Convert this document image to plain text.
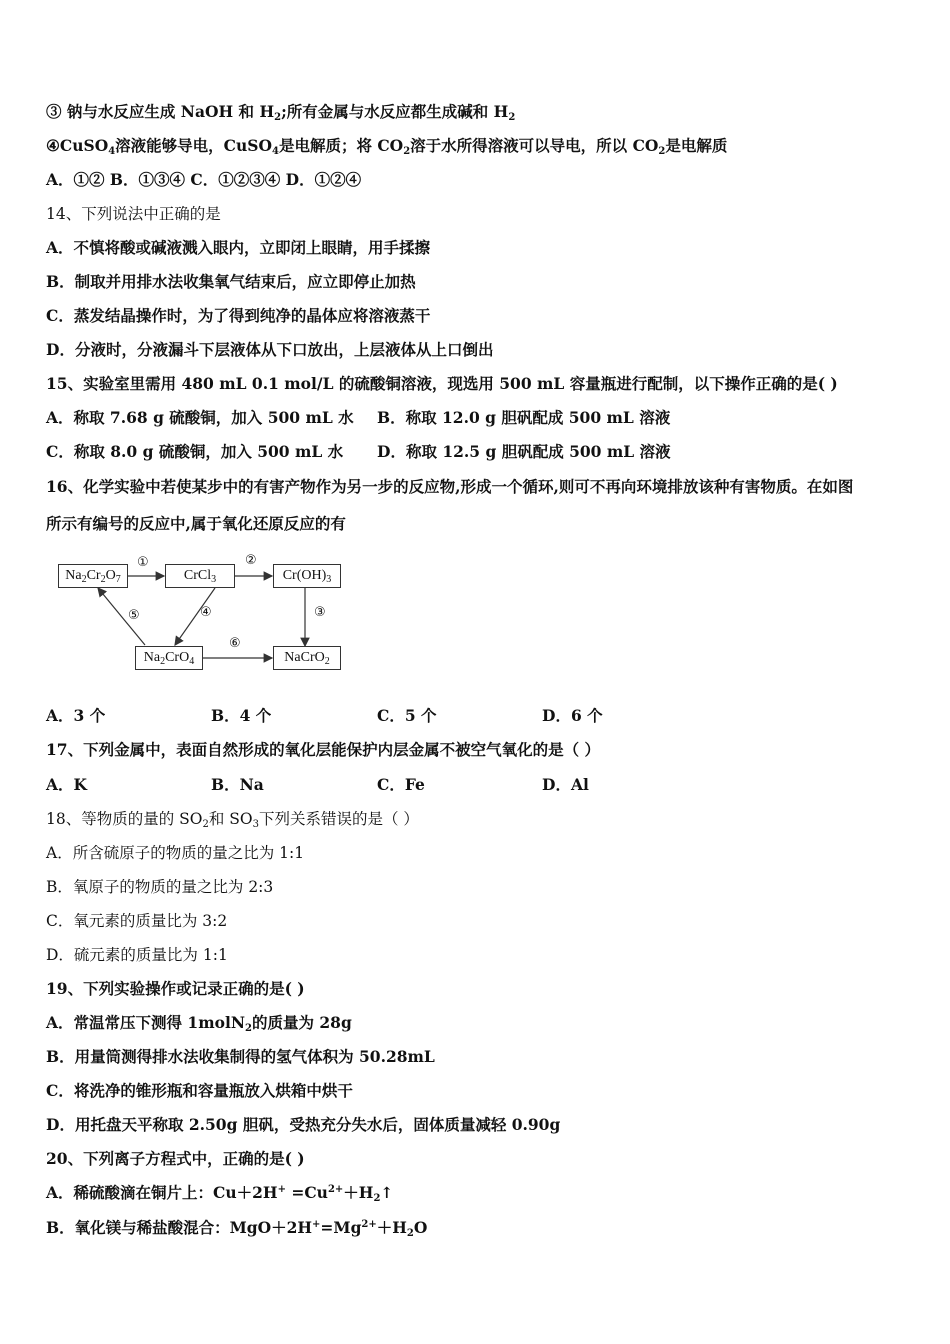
③ 钠与水反应生成 NaOH 和 $H_2$;所有金属与水反应都生成碱和 $H_2$
④CuSO$_4$溶液能够导电，CuSO$_4$是电解质；将 $CO_2$溶于水所得溶液可以导电，所以 $CO_2$是电解质
A．①② B．①③④ C．①②③④ D．①②④
14、下列说法中正确的是
A．不慎将酸或碱液溅入眼内，立即闭上眼睛，用手揉擦
B．制取并用排水法收集氧气结束后，应立即停止加热
C．蒸发结晶操作时，为了得到纯净的晶体应将溶液蒸干
D．分液时，分液漏斗下层液体从下口放出，上层液体从上口倒出
15、实验室里需用 480 mL 0.1 mol/L 的硫酸铜溶液，现选用 500 mL 容量瓶进行配制，以下操作正确的是( )
A．称取 7.68 g 硫酸铜，加入 500 mL 水 B．称取 12.0 g 胆矾配成 500 mL 溶液
C．称取 8.0 g 硫酸铜，加入 500 mL 水 D．称取 12.5 g 胆矾配成 500 mL 溶液
16、化学实验中若使某步中的有害产物作为另一步的反应物,形成一个循环,则可不再向环境排放该种有害物质。在如图
所示有编号的反应中,属于氧化还原反应的有
$Na_2Cr_2O_7$	CrCl$_3$	$Cr(OH)_3$
$Na_2CrO_4$	NaCrO$_2$
①	②
③
④
⑤
⑥
A．3 个	B．4 个	C．5 个	D．6 个
17、下列金属中，表面自然形成的氧化层能保护内层金属不被空气氧化的是（ ）
A．K	B．Na	C．Fe	D．Al
18、等物质的量的 $SO_2$和 $SO_3$下列关系错误的是（ ）
A．所含硫原子的物质的量之比为 1:1
B．氧原子的物质的量之比为 2:3
C．氧元素的质量比为 3:2
D．硫元素的质量比为 1:1
19、下列实验操作或记录正确的是( )
A．常温常压下测得 1molN$_2$的质量为 28g
B．用量筒测得排水法收集制得的氢气体积为 50.28mL
C．将洗净的锥形瓶和容量瓶放入烘箱中烘干
D．用托盘天平称取 2.50g 胆矾，受热充分失水后，固体质量减轻 0.90g
20、下列离子方程式中，正确的是( )
A．稀硫酸滴在铜片上：$Cu+2H^+ =Cu^{2+}+H_2↑$
B．氧化镁与稀盐酸混合：$MgO+2H^+=Mg^{2+}+H_2O$
